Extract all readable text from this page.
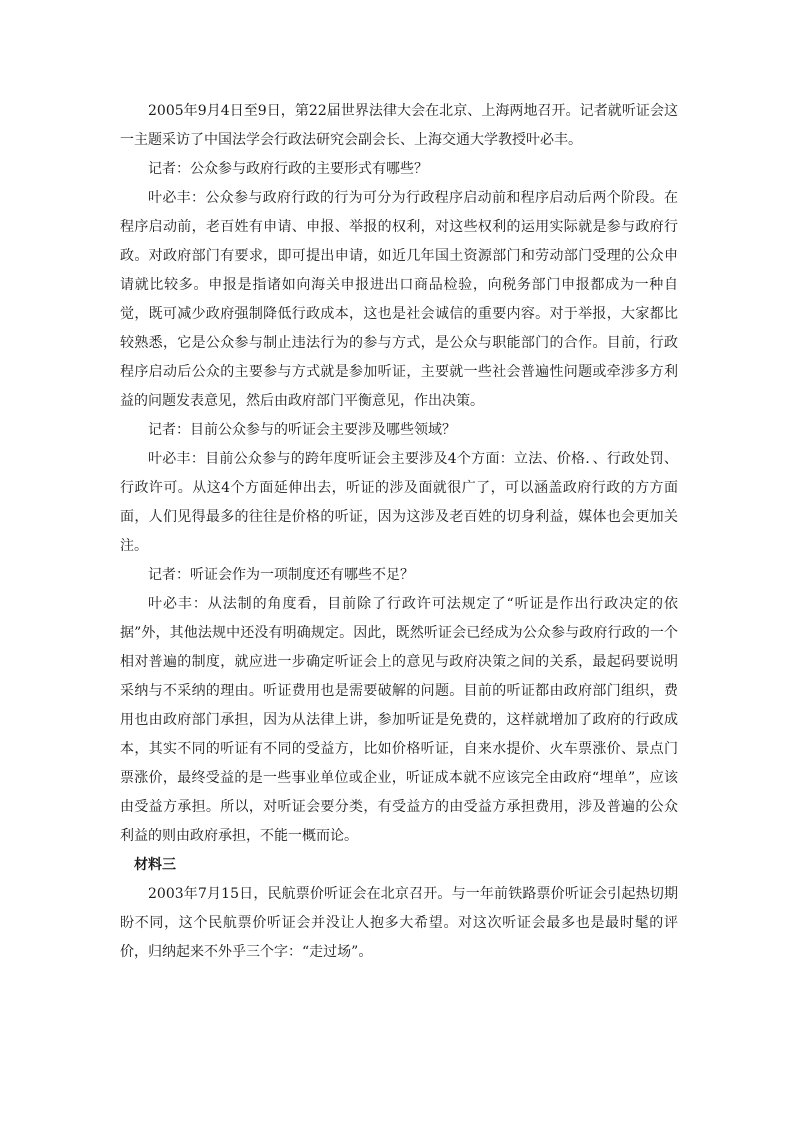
2005年9月4日至9日，第22届世界法律大会在北京、上海两地召开。记者就听证会这一主题采访了中国法学会行政法研究会副会长、上海交通大学教授叶必丰。

记者：公众参与政府行政的主要形式有哪些？

叶必丰：公众参与政府行政的行为可分为行政程序启动前和程序启动后两个阶段。在程序启动前，老百姓有申请、申报、举报的权利，对这些权利的运用实际就是参与政府行政。对政府部门有要求，即可提出申请，如近几年国土资源部门和劳动部门受理的公众申请就比较多。申报是指诸如向海关申报进出口商品检验，向税务部门申报都成为一种自觉，既可减少政府强制降低行政成本，这也是社会诚信的重要内容。对于举报，大家都比较熟悉，它是公众参与制止违法行为的参与方式，是公众与职能部门的合作。目前，行政程序启动后公众的主要参与方式就是参加听证，主要就一些社会普遍性问题或牵涉多方利益的问题发表意见，然后由政府部门平衡意见，作出决策。

记者：目前公众参与的听证会主要涉及哪些领域？

叶必丰：目前公众参与的跨年度听证会主要涉及4个方面：立法、价格．、行政处罚、行政许可。从这4个方面延伸出去，听证的涉及面就很广了，可以涵盖政府行政的方方面面，人们见得最多的往往是价格的听证，因为这涉及老百姓的切身利益，媒体也会更加关注。

记者：听证会作为一项制度还有哪些不足？

叶必丰：从法制的角度看，目前除了行政许可法规定了“听证是作出行政决定的依据”外，其他法规中还没有明确规定。因此，既然听证会已经成为公众参与政府行政的一个相对普遍的制度，就应进一步确定听证会上的意见与政府决策之间的关系，最起码要说明采纳与不采纳的理由。听证费用也是需要破解的问题。目前的听证都由政府部门组织，费用也由政府部门承担，因为从法律上讲，参加听证是免费的，这样就增加了政府的行政成本，其实不同的听证有不同的受益方，比如价格听证，自来水提价、火车票涨价、景点门票涨价，最终受益的是一些事业单位或企业，听证成本就不应该完全由政府“埋单”，应该由受益方承担。所以，对听证会要分类，有受益方的由受益方承担费用，涉及普遍的公众利益的则由政府承担，不能一概而论。

材料三

2003年7月15日，民航票价听证会在北京召开。与一年前铁路票价听证会引起热切期盼不同，这个民航票价听证会并没让人抱多大希望。对这次听证会最多也是最时髦的评价，归纳起来不外乎三个字：“走过场”。
